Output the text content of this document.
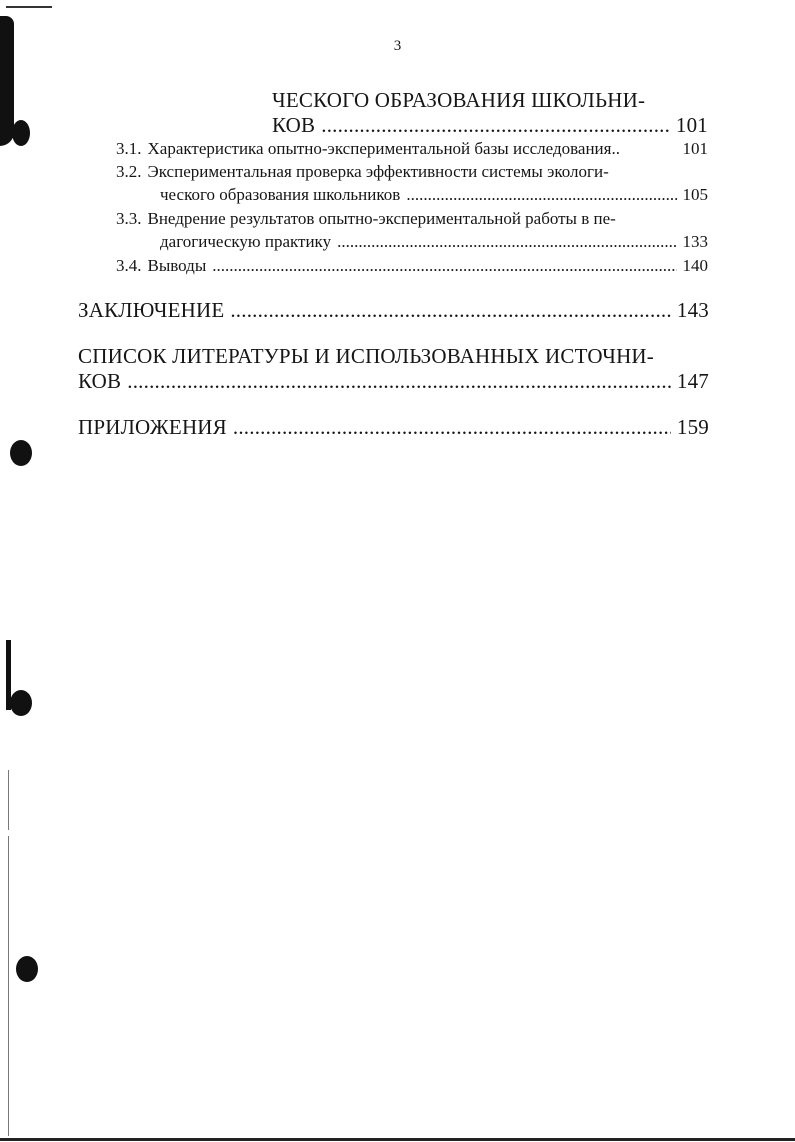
3
ЧЕСКОГО ОБРАЗОВАНИЯ ШКОЛЬНИ-
КОВ .....	101
3.1. Характеристика опытно-экспериментальной базы исследования..	101
3.2. Экспериментальная проверка эффективности системы экологи-
ческого образования школьников .....	105
3.3. Внедрение результатов опытно-экспериментальной работы в пе-
дагогическую практику .....	133
3.4. Выводы .....	140
ЗАКЛЮЧЕНИЕ .....	143
СПИСОК ЛИТЕРАТУРЫ И ИСПОЛЬЗОВАННЫХ ИСТОЧНИ-
КОВ .....	147
ПРИЛОЖЕНИЯ .....	159
